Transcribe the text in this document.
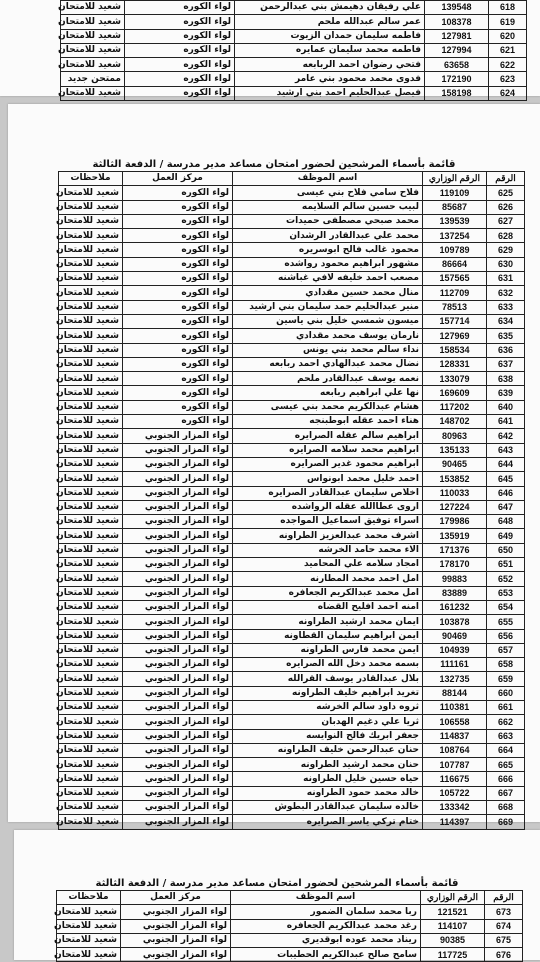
618	139548	علي رفيقان دهيمش بني عبدالرحمن	لواء الكوره	شعيد للامتحان
619	108378	عمر سالم عبدالله ملحم	لواء الكوره	شعيد للامتحان
620	127981	فاطمه سليمان حمدان الزيوت	لواء الكوره	شعيد للامتحان
621	127994	فاطمه محمد سليمان عمايره	لواء الكوره	شعيد للامتحان
622	63658	فتحي رضوان احمد الربابعه	لواء الكوره	شعيد للامتحان
623	172190	فدوى محمد محمود بني عامر	لواء الكوره	ممتحن جديد
624	158198	فيصل عبدالحليم احمد بني ارشيد	لواء الكوره	شعيد للامتحان
قائمة بأسماء المرشحين لحضور امتحان مساعد مدير مدرسة / الدفعة الثالثة
الرقم	الرقم الوزاري	اسم الموظف	مركز العمل	ملاحظات
625	119109	فلاح سامي فلاح بني عيسى	لواء الكوره	شعيد للامتحان
626	85687	لبيب حسين سالم السلايمه	لواء الكوره	شعيد للامتحان
627	139539	محمد صبحي مصطفى حميدات	لواء الكوره	شعيد للامتحان
628	137254	محمد علي عبدالقادر الرشدان	لواء الكوره	شعيد للامتحان
629	109789	محمود غالب فالح ابوسريره	لواء الكوره	شعيد للامتحان
630	86664	مشهور ابراهيم محمود رواشده	لواء الكوره	شعيد للامتحان
631	157565	مصعب احمد خليفه لافي غباشنه	لواء الكوره	شعيد للامتحان
632	112709	منال محمد حسين مقدادي	لواء الكوره	شعيد للامتحان
633	78513	منير عبدالحليم حمد سليمان بني ارشيد	لواء الكوره	شعيد للامتحان
634	157714	ميسون شمسي خليل بني ياسين	لواء الكوره	شعيد للامتحان
635	127969	نارمان يوسف محمد مقدادي	لواء الكوره	شعيد للامتحان
636	158534	نداء سالم محمد بني يونس	لواء الكوره	شعيد للامتحان
637	128331	نضال محمد عبدالهادي احمد ربابعه	لواء الكوره	شعيد للامتحان
638	133079	نعمه يوسف عبدالقادر ملحم	لواء الكوره	شعيد للامتحان
639	169609	نها علي ابراهيم ربابعه	لواء الكوره	شعيد للامتحان
640	117202	هشام عبدالكريم محمد بني عيسى	لواء الكوره	شعيد للامتحان
641	148702	هناء احمد عقله ابوطبنجه	لواء الكوره	شعيد للامتحان
642	80963	ابراهيم سالم عقله الصرايره	لواء المزار الجنوبي	شعيد للامتحان
643	135133	ابراهيم محمد سلامه الصرايره	لواء المزار الجنوبي	شعيد للامتحان
644	90465	ابراهيم محمود غدير الصرايره	لواء المزار الجنوبي	شعيد للامتحان
645	153852	احمد خليل محمد ابونواس	لواء المزار الجنوبي	شعيد للامتحان
646	110033	اخلاص سليمان عبدالقادر الصرايره	لواء المزار الجنوبي	شعيد للامتحان
647	127224	اروى عطاالله عقله الرواشده	لواء المزار الجنوبي	شعيد للامتحان
648	179986	اسراء توفيق اسماعيل المواجده	لواء المزار الجنوبي	شعيد للامتحان
649	135919	اشرف محمد عبدالعزيز الطراونه	لواء المزار الجنوبي	شعيد للامتحان
650	171376	الاء محمد حامد الخرشه	لواء المزار الجنوبي	شعيد للامتحان
651	178170	امجاد سلامه علي المحاميد	لواء المزار الجنوبي	شعيد للامتحان
652	99883	امل احمد محمد المطارنه	لواء المزار الجنوبي	شعيد للامتحان
653	83889	امل محمد عبدالكريم الجعافره	لواء المزار الجنوبي	شعيد للامتحان
654	161232	امنه احمد افليح القضاه	لواء المزار الجنوبي	شعيد للامتحان
655	103878	ايمان محمد ارشيد الطراونه	لواء المزار الجنوبي	شعيد للامتحان
656	90469	ايمن ابراهيم سليمان القطاونه	لواء المزار الجنوبي	شعيد للامتحان
657	104939	ايمن محمد فارس الطراونه	لواء المزار الجنوبي	شعيد للامتحان
658	111161	بسمه محمد دخل الله الصرايره	لواء المزار الجنوبي	شعيد للامتحان
659	132735	بلال عبدالقادر يوسف القرالله	لواء المزار الجنوبي	شعيد للامتحان
660	88144	تغريد ابراهيم خليف الطراونه	لواء المزار الجنوبي	شعيد للامتحان
661	110381	ثروه داود سالم الخرشه	لواء المزار الجنوبي	شعيد للامتحان
662	106558	ثريا علي دغيم الهدبان	لواء المزار الجنوبي	شعيد للامتحان
663	114837	جعفر ابريك فالح النوايسه	لواء المزار الجنوبي	شعيد للامتحان
664	108764	حنان عبدالرحمن خليف الطراونه	لواء المزار الجنوبي	شعيد للامتحان
665	107787	حنان محمد ارشيد الطراونه	لواء المزار الجنوبي	شعيد للامتحان
666	116675	حياه حسين خليل الطراونه	لواء المزار الجنوبي	شعيد للامتحان
667	105722	خالد محمد حمود الطراونه	لواء المزار الجنوبي	شعيد للامتحان
668	133342	خالده سليمان عبدالقادر البطوش	لواء المزار الجنوبي	شعيد للامتحان
669	114397	ختام تركي ياسر الصرايره	لواء المزار الجنوبي	شعيد للامتحان

قائمة بأسماء المرشحين لحضور امتحان مساعد مدير مدرسة / الدفعة الثالثة
الرقم	الرقم الوزاري	اسم الموظف	مركز العمل	ملاحظات
673	121521	ربا محمد سلمان الضمور	لواء المزار الجنوبي	شعيد للامتحان
674	114107	رغد محمد عبدالكريم الجعافره	لواء المزار الجنوبي	شعيد للامتحان
675	90385	ريناد محمد عوده ابوقديري	لواء المزار الجنوبي	شعيد للامتحان
676	117725	سامح صالح عبدالكريم الحطيبات	لواء المزار الجنوبي	شعيد للامتحان
